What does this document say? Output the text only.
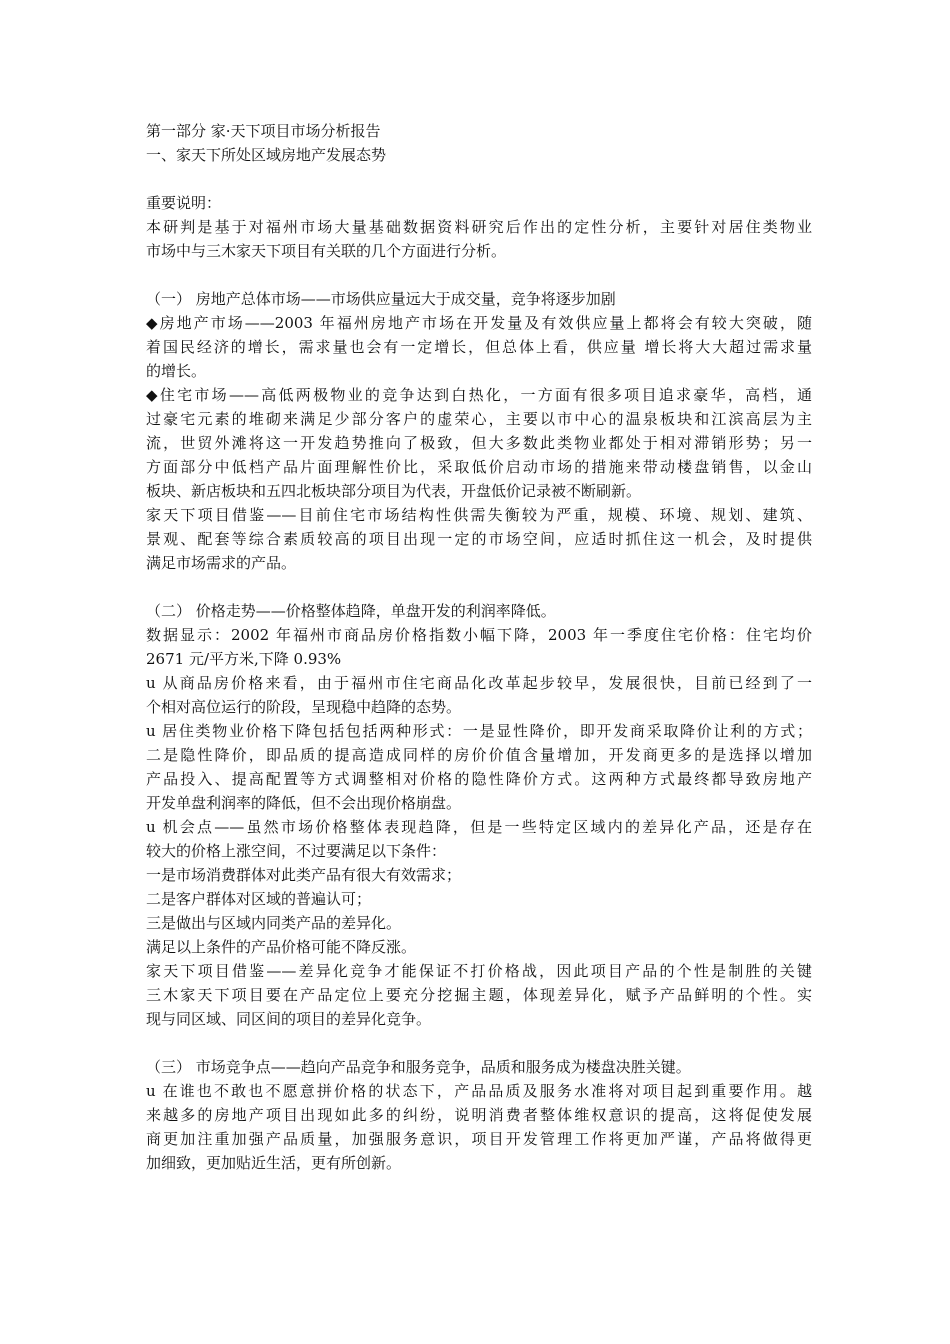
第一部分 家·天下项目市场分析报告
一、家天下所处区域房地产发展态势
重要说明：
本研判是基于对福州市场大量基础数据资料研究后作出的定性分析，主要针对居住类物业
市场中与三木家天下项目有关联的几个方面进行分析。
（一） 房地产总体市场——市场供应量远大于成交量，竞争将逐步加剧
◆房地产市场——2003 年福州房地产市场在开发量及有效供应量上都将会有较大突破，随
着国民经济的增长，需求量也会有一定增长，但总体上看，供应量 增长将大大超过需求量
的增长。
◆住宅市场——高低两极物业的竞争达到白热化，一方面有很多项目追求豪华，高档，通
过豪宅元素的堆砌来满足少部分客户的虚荣心，主要以市中心的温泉板块和江滨高层为主
流，世贸外滩将这一开发趋势推向了极致，但大多数此类物业都处于相对滞销形势；另一
方面部分中低档产品片面理解性价比，采取低价启动市场的措施来带动楼盘销售，以金山
板块、新店板块和五四北板块部分项目为代表，开盘低价记录被不断刷新。
家天下项目借鉴——目前住宅市场结构性供需失衡较为严重，规模、环境、规划、建筑、
景观、配套等综合素质较高的项目出现一定的市场空间，应适时抓住这一机会，及时提供
满足市场需求的产品。
（二） 价格走势——价格整体趋降，单盘开发的利润率降低。
数据显示：2002 年福州市商品房价格指数小幅下降，2003 年一季度住宅价格：住宅均价
2671 元/平方米,下降 0.93%
u 从商品房价格来看，由于福州市住宅商品化改革起步较早，发展很快，目前已经到了一
个相对高位运行的阶段，呈现稳中趋降的态势。
u 居住类物业价格下降包括包括两种形式：一是显性降价，即开发商采取降价让利的方式；
二是隐性降价，即品质的提高造成同样的房价价值含量增加，开发商更多的是选择以增加
产品投入、提高配置等方式调整相对价格的隐性降价方式。这两种方式最终都导致房地产
开发单盘利润率的降低，但不会出现价格崩盘。
u 机会点——虽然市场价格整体表现趋降，但是一些特定区域内的差异化产品，还是存在
较大的价格上涨空间，不过要满足以下条件：
一是市场消费群体对此类产品有很大有效需求；
二是客户群体对区域的普遍认可；
三是做出与区域内同类产品的差异化。
满足以上条件的产品价格可能不降反涨。
家天下项目借鉴——差异化竞争才能保证不打价格战，因此项目产品的个性是制胜的关键
三木家天下项目要在产品定位上要充分挖掘主题，体现差异化，赋予产品鲜明的个性。实
现与同区域、同区间的项目的差异化竞争。
（三） 市场竞争点——趋向产品竞争和服务竞争，品质和服务成为楼盘决胜关键。
u 在谁也不敢也不愿意拼价格的状态下，产品品质及服务水准将对项目起到重要作用。越
来越多的房地产项目出现如此多的纠纷，说明消费者整体维权意识的提高，这将促使发展
商更加注重加强产品质量，加强服务意识，项目开发管理工作将更加严谨，产品将做得更
加细致，更加贴近生活，更有所创新。
